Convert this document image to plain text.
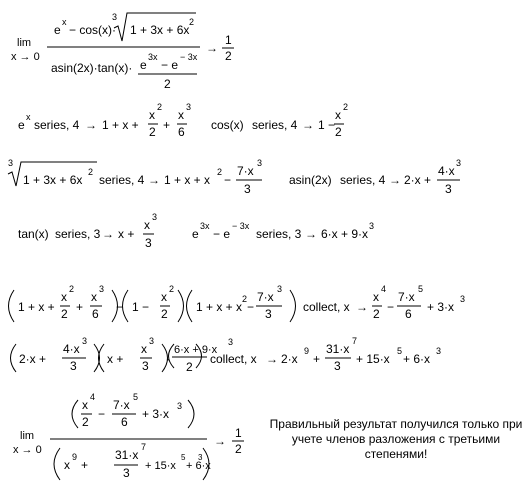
lim
x → 0
e
x
− cos(x)·
3
1 + 3x + 6x
2
asin(2x)·tan(x)· e
3x
− e
− 3x
2
→
1
2
e
x
series, 4 → 1 + x +
x
2
2 +
x
3
6 cos(x) series, 4 → 1 −
x
2
2
3
1 + 3x + 6x
2
series, 4 → 1 + x + x
2
−
7·x
3
3
asin(2x) series, 4 → 2·x +
4·x
3
3
tan(x) series, 3 → x +
x
3
3
e
3x
− e
− 3x
series, 3 → 6·x + 9·x
3
1 + x +
x
2
2 +
x
3
6 − 1 −
x
2
2 1 + x + x
2
−
7·x
3
3	collect, x →
x
4
2 −
7·x
5
6 + 3·x
3
2·x +
4·x
3
3 · x +
x
3
3 ·
6·x + 9·x
3
2
collect, x → 2·x
9
+
31·x
7
3 + 15·x
5
+ 6·x
3
lim
x → 0
x
4
2
−
7·x
5
6
+ 3·x
3
x
9
+
31·x
7
3 + 15·x
5
+ 6·x
3
→
1
2
Правильный результат получился только при учете членов разложения с третьими степенями!
